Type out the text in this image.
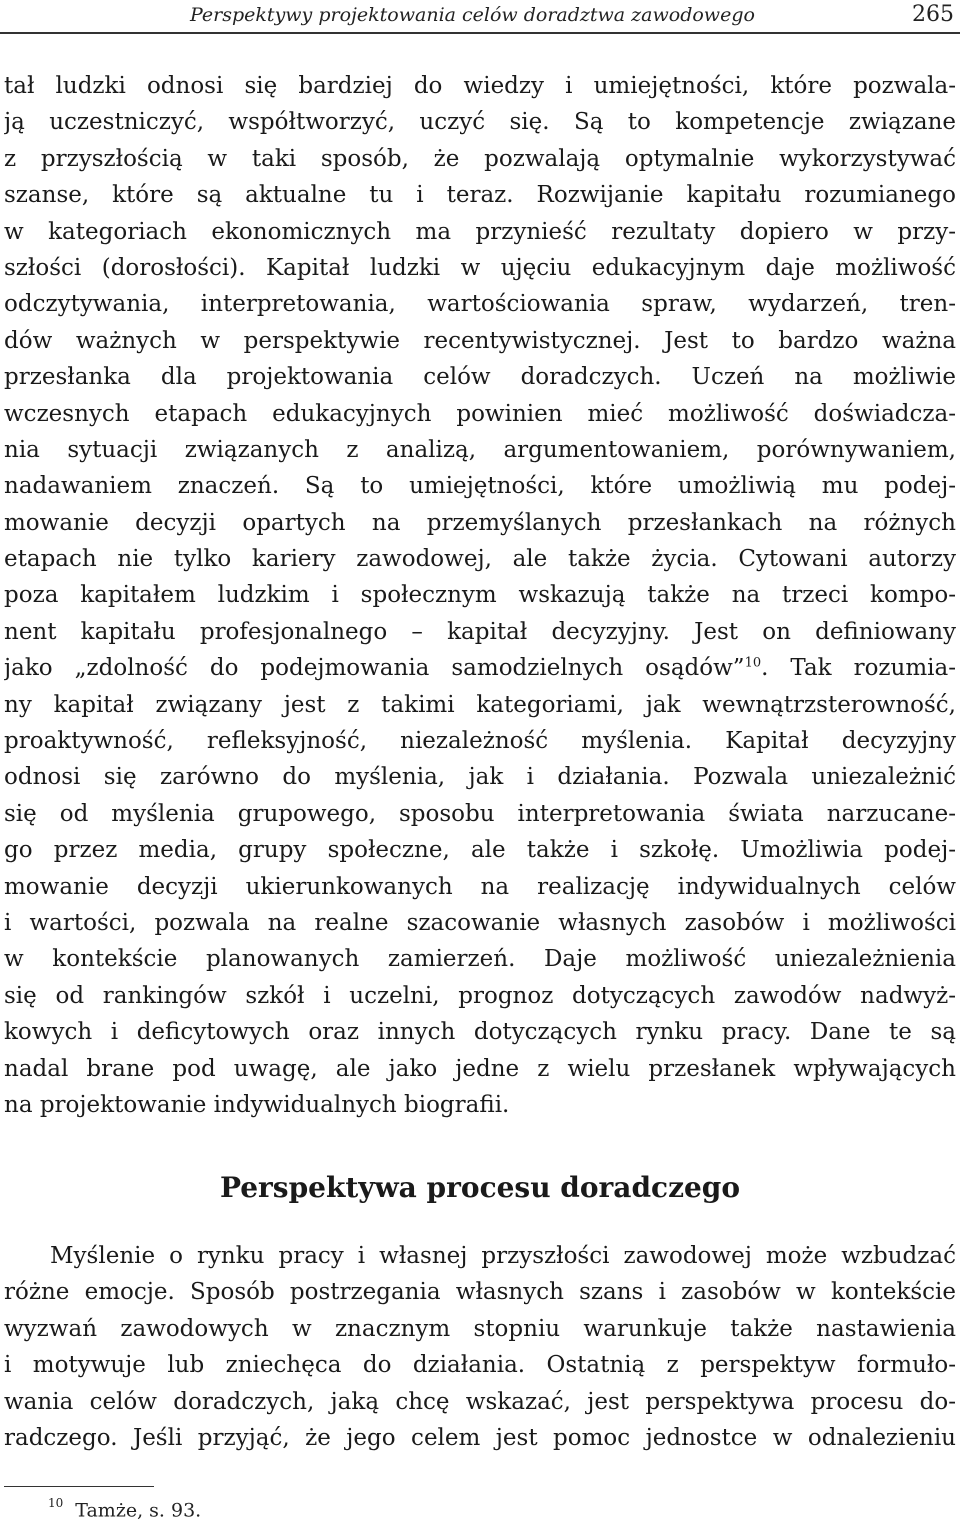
Perspektywy projektowania celów doradztwa zawodowego	265
tał ludzki odnosi się bardziej do wiedzy i umiejętności, które pozwala-
ją uczestniczyć, współtworzyć, uczyć się. Są to kompetencje związane
z przyszłością w taki sposób, że pozwalają optymalnie wykorzystywać
szanse, które są aktualne tu i teraz. Rozwijanie kapitału rozumianego
w kategoriach ekonomicznych ma przynieść rezultaty dopiero w przy-
szłości (dorosłości). Kapitał ludzki w ujęciu edukacyjnym daje możliwość
odczytywania, interpretowania, wartościowania spraw, wydarzeń, tren-
dów ważnych w perspektywie recentywistycznej. Jest to bardzo ważna
przesłanka dla projektowania celów doradczych. Uczeń na możliwie
wczesnych etapach edukacyjnych powinien mieć możliwość doświadcza-
nia sytuacji związanych z analizą, argumentowaniem, porównywaniem,
nadawaniem znaczeń. Są to umiejętności, które umożliwią mu podej-
mowanie decyzji opartych na przemyślanych przesłankach na różnych
etapach nie tylko kariery zawodowej, ale także życia. Cytowani autorzy
poza kapitałem ludzkim i społecznym wskazują także na trzeci kompo-
nent kapitału profesjonalnego – kapitał decyzyjny. Jest on definiowany
jako „zdolność do podejmowania samodzielnych osądów”$^{10}$. Tak rozumia-
ny kapitał związany jest z takimi kategoriami, jak wewnątrzsterowność,
proaktywność, refleksyjność, niezależność myślenia. Kapitał decyzyjny
odnosi się zarówno do myślenia, jak i działania. Pozwala uniezależnić
się od myślenia grupowego, sposobu interpretowania świata narzucane-
go przez media, grupy społeczne, ale także i szkołę. Umożliwia podej-
mowanie decyzji ukierunkowanych na realizację indywidualnych celów
i wartości, pozwala na realne szacowanie własnych zasobów i możliwości
w kontekście planowanych zamierzeń. Daje możliwość uniezależnienia
się od rankingów szkół i uczelni, prognoz dotyczących zawodów nadwyż-
kowych i deficytowych oraz innych dotyczących rynku pracy. Dane te są
nadal brane pod uwagę, ale jako jedne z wielu przesłanek wpływających
na projektowanie indywidualnych biografii.
Perspektywa procesu doradczego
Myślenie o rynku pracy i własnej przyszłości zawodowej może wzbudzać
różne emocje. Sposób postrzegania własnych szans i zasobów w kontekście
wyzwań zawodowych w znacznym stopniu warunkuje także nastawienia
i motywuje lub zniechęca do działania. Ostatnią z perspektyw formuło-
wania celów doradczych, jaką chcę wskazać, jest perspektywa procesu do-
radczego. Jeśli przyjąć, że jego celem jest pomoc jednostce w odnalezieniu
$^{10}$ Tamże, s. 93.
